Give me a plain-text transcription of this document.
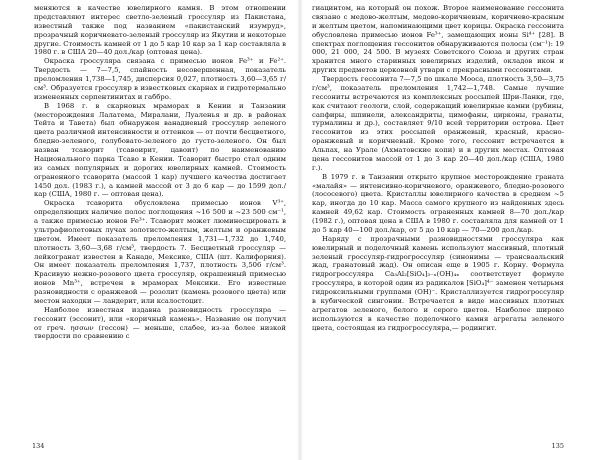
меняются в качестве ювелирного камня. В этом отношении представляют интерес светло-зеленый гроссуляр из Пакистана, известный также под названием «пакистанский изумруд», прозрачный коричневато-зеленый гроссуляр из Якутии и некоторые другие. Стоимость камней от 1 до 5 кар 10 кар за 1 кар составляла в 1980 г. в США 20—40 дол./кар (оптовая цена).

Окраска гроссуляра связана с примесью ионов Fe³⁺ и Fe²⁺. Твердость — 7—7,5, спайность несовершенная, показатель преломления 1,738—1,745, дисперсия 0,027, плотность 3,60—3,65 г/см³. Образуется гроссуляр в известковых скарнах и гидротермально измененных серпентинитах и габбро.

В 1968 г. в скарновых мраморах в Кении и Танзании (месторождения Лалатема, Миралани, Луаленья и др. в районах Тейта и Тавета) был обнаружен ванадиевый гроссуляр зеленого цвета различной интенсивности и оттенков — от почти бесцветного, бледно-зеленого, голубовато-зеленого до густо-зеленого. Он был назван тсаворит (тсавоирит, цавоит) по наименованию Национального парка Тсаво в Кении. Тсаворит быстро стал одним из самых популярных и дорогих ювелирных камней. Стоимость ограненного тсаворита (массой 1 кар) лучшего качества достигает 1450 дол. (1983 г.), а камней массой от 3 до 6 кар — до 1599 дол./кар (США, 1980 г. — оптовая цена).

Окраска тсаворита обусловлена примесью ионов V³⁺, определяющих наличие полос поглощения ~16 500 и ~23 500 см⁻¹, а также примесью ионов Fe³⁺. Тсаворит может люминесцировать в ультрафиолетовых лучах золотисто-желтым, желтым и оранжевым цветом. Имеет показатель преломления 1,731—1,732 до 1,740, плотность 3,60—3,68 г/см³, твердость 7. Бесцветный гроссуляр — лейкогранат известен в Канаде, Мексике, США (шт. Калифорния). Он имеет показатель преломления 1,737, плотность 3,506 г/см³. Красивую нежно-розового цвета гроссуляр, окрашенный примесью ионов Mn³⁺, встречен в мраморах Мексики. Его известные разновидности с оранжевой — розолит (камень розового цвета) или местон находки — ландерит, или ксалостоцит.

Наиболее известная издавна разновидность гроссуляра — гессонит (эссонит), или «коричный камень». Название он получил от греч. ησσων (гессон) — меньше, слабее, из-за более низкой твердости по сравнению с

134

гиацинтом, на который он похож. Второе наименование гессонита связано с медово-желтым, медово-коричневым, коричнево-красным и желтым цветом, напоминающими цвет корицы. Окраска гессонита обусловлена примесью ионов Fe³⁺, замещающих ионы Si⁴⁺ [28]. В спектрах поглощения гессонитов обнаруживаются полосы (см⁻¹): 19 000, 21 000, 24 500. В музеях Советского Союза и других стран хранится много старинных ювелирных изделий, окладов икон и других предметов церковной утвари с прекрасными гессонитами.

Твердость гессонита 7—7,5 по шкале Мооса, плотность 3,50—3,75 г/см³, показатель преломления 1,742—1,748. Самые лучшие гессониты встречаются из комплексных россыпей Шри-Ланки, где, как считают геологи, слой, содержащий ювелирные камни (рубины, сапфиры, шпинели, александриты, цимофаны, цирконы, гранаты, турмалины и др.), составляет 9/10 всей территории острова. Цвет гессонитов из этих россыпей оранжевый, красный, красно-оранжевый и коричневый. Кроме того, гессонит встречается в Альпах, на Урале (Ахматовские копи) и в других местах. Оптовая цена гессонитов массой от 1 до 3 кар 20—40 дол./кар (США, 1980 г.).

В 1979 г. в Танзании открыто крупное месторождение граната «малайя» — интенсивно-коричневого, оранжевого, бледно-розового (лососевого) цвета. Кристаллы ювелирного качества в среднем ~5 кар, иногда до 10 кар. Масса самого крупного из найденных здесь камней 49,62 кар. Стоимость ограненных камней 8—70 дол./кар (1982 г.), оптовая цена в США в 1980 г. составляла для камней от 1 до 5 кар 40—100 дол./кар, от 5 до 10 кар — 70—200 дол./кар.

Наряду с прозрачными разновидностями гроссуляра как ювелирный и поделочный камень используют массивный, плотный зеленый гроссуляр-гидрогроссуляр (синонимы — трансваальский жад, гранатовый жад). Он описан еще в 1905 г. Корну. Формула гидрогроссуляра Ca₃Al₂[SiO₄]₃₋ₓ(OH)₄ₓ соответствует формуле гроссуляра, в которой один из радикалов [SiO₄]⁴⁻ заменен четырьмя гидроксильными группами (OH)⁻. Кристаллизуется гидрогроссуляр в кубической сингонии. Встречается в виде массивных плотных агрегатов зеленого, белого и серого цветов. Наиболее широко используются в качестве поделочного камня агрегаты зеленого цвета, состоящая из гидрогроссуляра,— родингит.

135
